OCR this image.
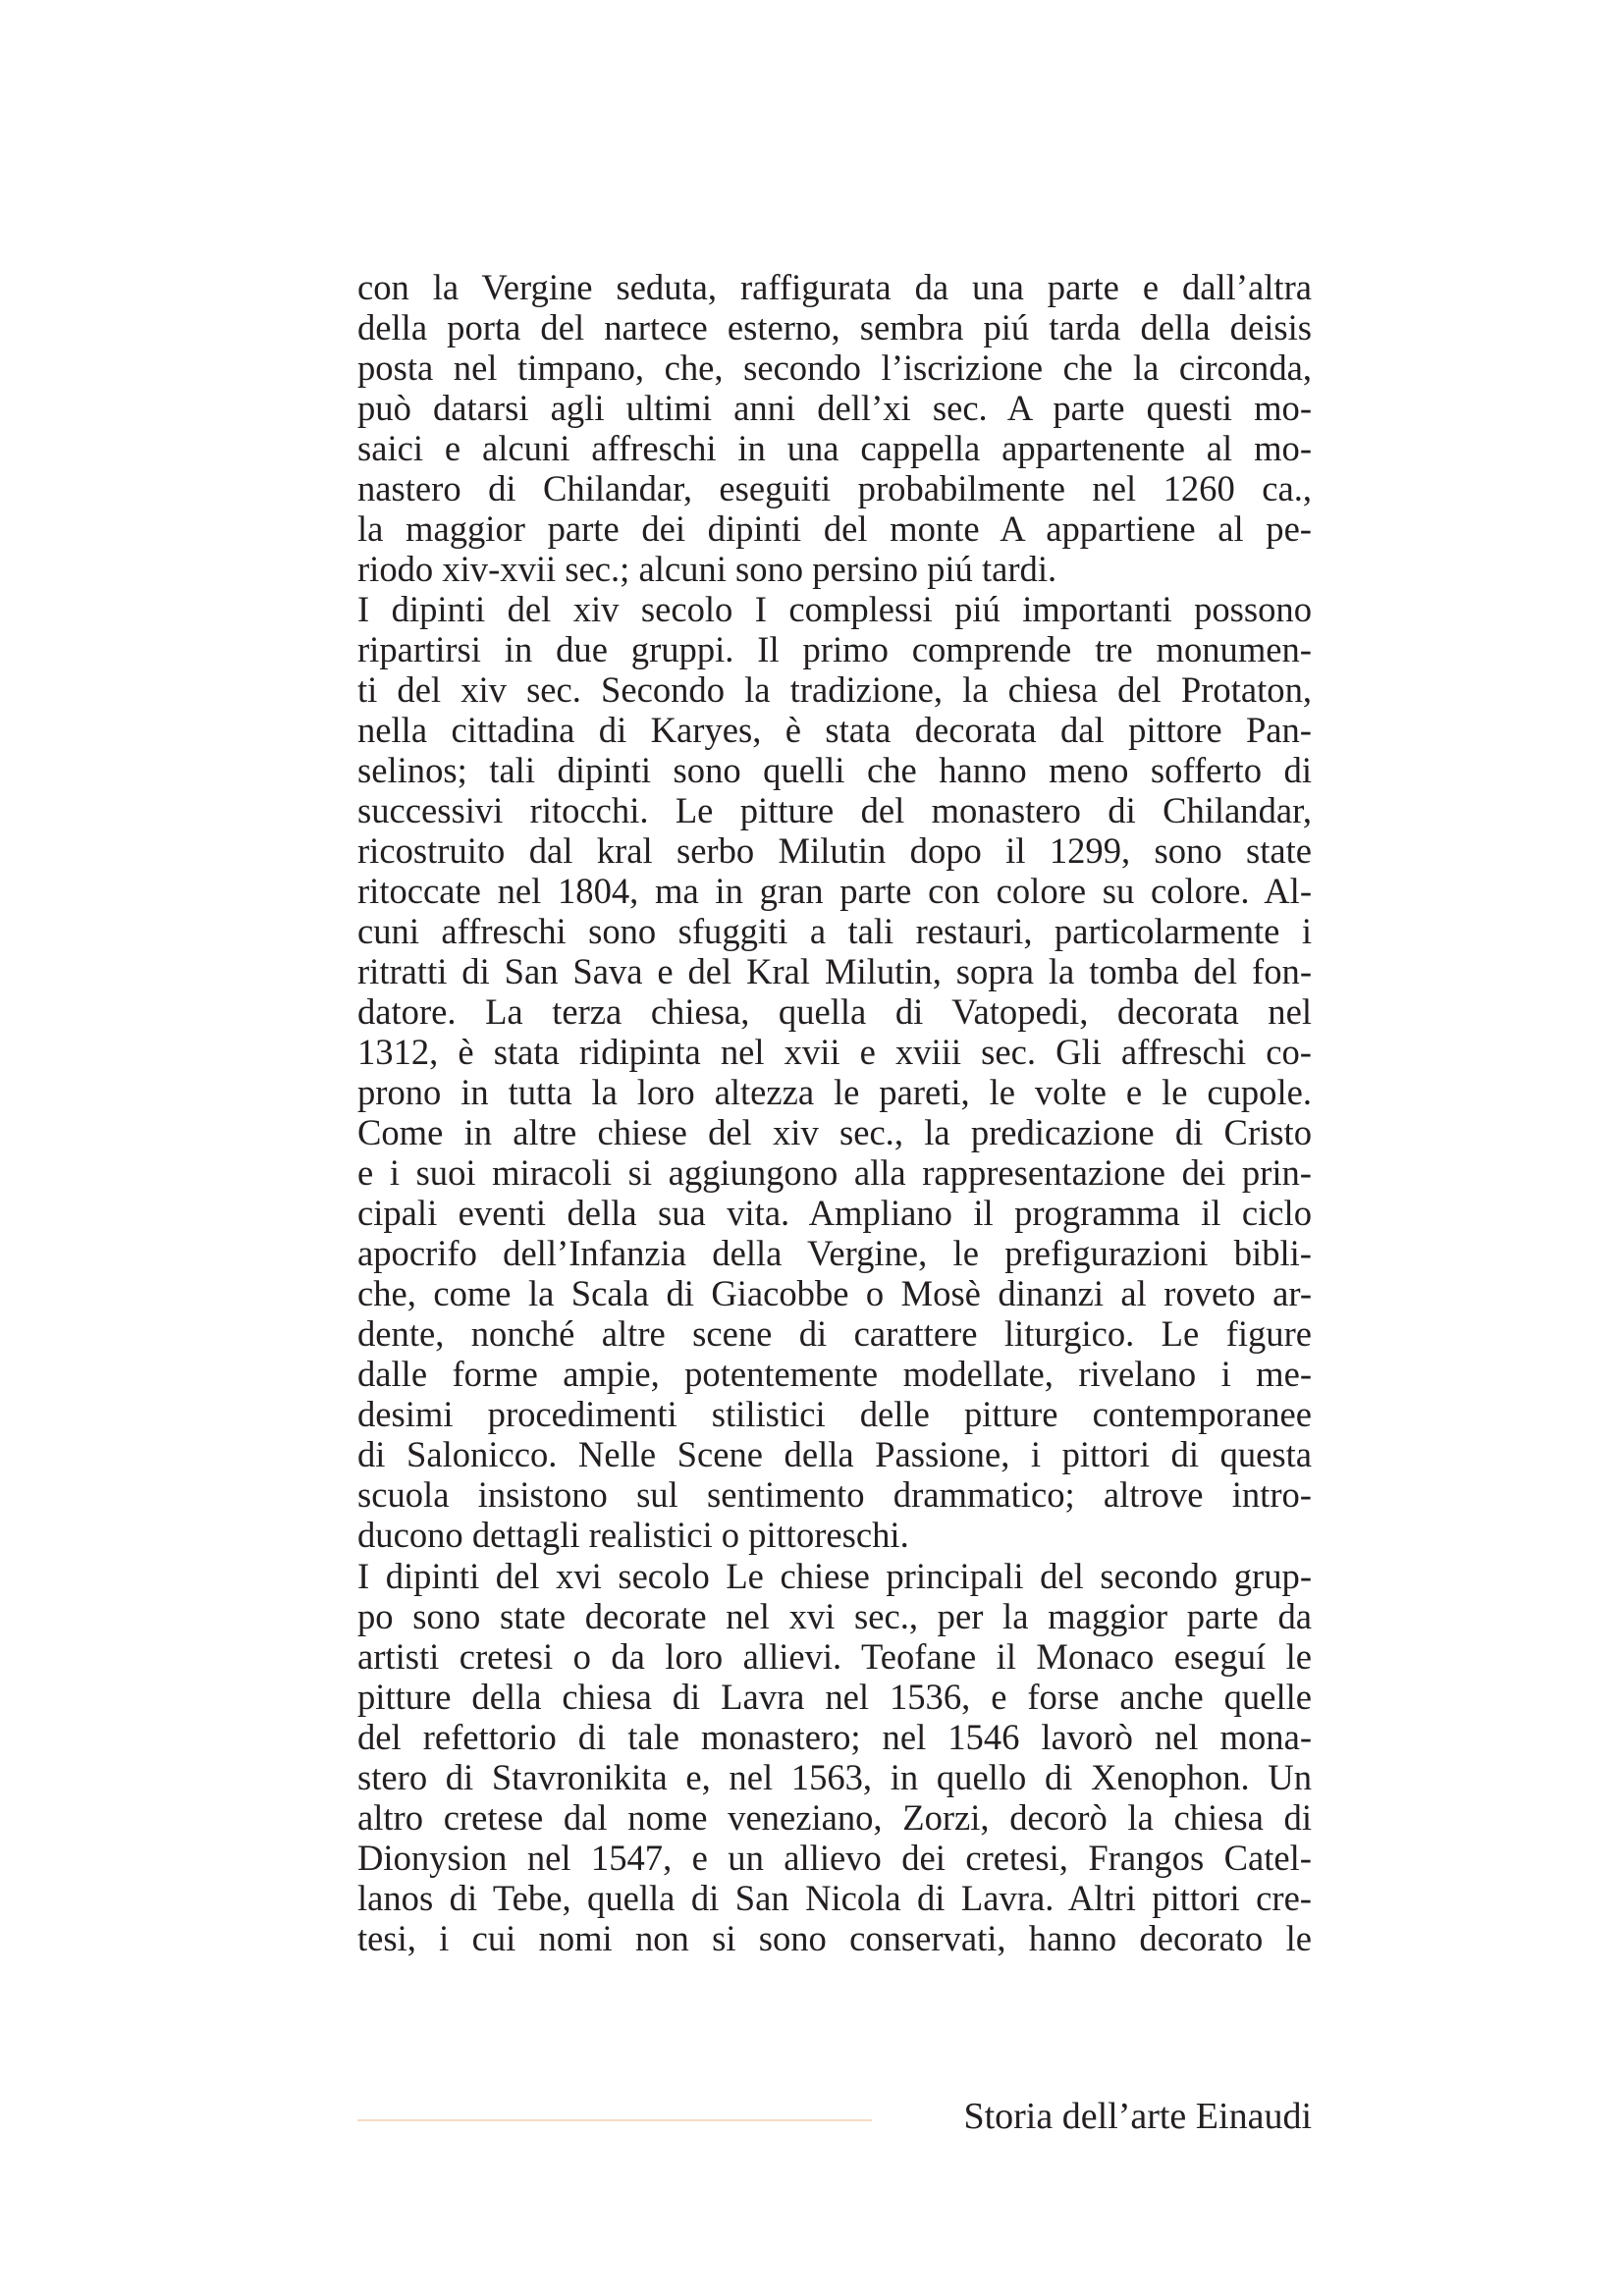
con la Vergine seduta, raffigurata da una parte e dall’altra
della porta del nartece esterno, sembra piú tarda della deisis
posta nel timpano, che, secondo l’iscrizione che la circonda,
può datarsi agli ultimi anni dell’xi sec. A parte questi mo-
saici e alcuni affreschi in una cappella appartenente al mo-
nastero di Chilandar, eseguiti probabilmente nel 1260 ca.,
la maggior parte dei dipinti del monte A appartiene al pe-
riodo xiv-xvii sec.; alcuni sono persino piú tardi.
I dipinti del xiv secolo I complessi piú importanti possono
ripartirsi in due gruppi. Il primo comprende tre monumen-
ti del xiv sec. Secondo la tradizione, la chiesa del Protaton,
nella cittadina di Karyes, è stata decorata dal pittore Pan-
selinos; tali dipinti sono quelli che hanno meno sofferto di
successivi ritocchi. Le pitture del monastero di Chilandar,
ricostruito dal kral serbo Milutin dopo il 1299, sono state
ritoccate nel 1804, ma in gran parte con colore su colore. Al-
cuni affreschi sono sfuggiti a tali restauri, particolarmente i
ritratti di San Sava e del Kral Milutin, sopra la tomba del fon-
datore. La terza chiesa, quella di Vatopedi, decorata nel
1312, è stata ridipinta nel xvii e xviii sec. Gli affreschi co-
prono in tutta la loro altezza le pareti, le volte e le cupole.
Come in altre chiese del xiv sec., la predicazione di Cristo
e i suoi miracoli si aggiungono alla rappresentazione dei prin-
cipali eventi della sua vita. Ampliano il programma il ciclo
apocrifo dell’Infanzia della Vergine, le prefigurazioni bibli-
che, come la Scala di Giacobbe o Mosè dinanzi al roveto ar-
dente, nonché altre scene di carattere liturgico. Le figure
dalle forme ampie, potentemente modellate, rivelano i me-
desimi procedimenti stilistici delle pitture contemporanee
di Salonicco. Nelle Scene della Passione, i pittori di questa
scuola insistono sul sentimento drammatico; altrove intro-
ducono dettagli realistici o pittoreschi.
I dipinti del xvi secolo Le chiese principali del secondo grup-
po sono state decorate nel xvi sec., per la maggior parte da
artisti cretesi o da loro allievi. Teofane il Monaco eseguí le
pitture della chiesa di Lavra nel 1536, e forse anche quelle
del refettorio di tale monastero; nel 1546 lavorò nel mona-
stero di Stavronikita e, nel 1563, in quello di Xenophon. Un
altro cretese dal nome veneziano, Zorzi, decorò la chiesa di
Dionysion nel 1547, e un allievo dei cretesi, Frangos Catel-
lanos di Tebe, quella di San Nicola di Lavra. Altri pittori cre-
tesi, i cui nomi non si sono conservati, hanno decorato le
Storia dell’arte Einaudi
